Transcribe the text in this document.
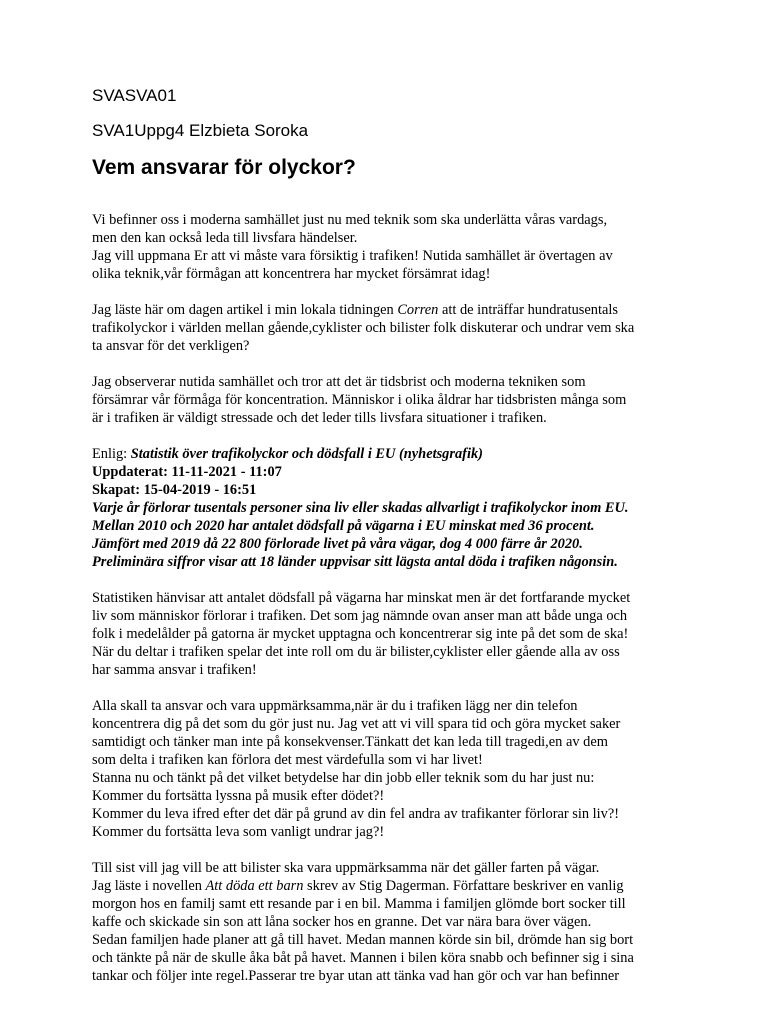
SVASVA01
SVA1Uppg4 Elzbieta Soroka
Vem ansvarar för olyckor?

Vi befinner oss i moderna samhället just nu med teknik som ska underlätta våras vardags,
men den kan också leda till livsfara händelser.
Jag vill uppmana Er att vi måste vara försiktig i trafiken! Nutida samhället är övertagen av
olika teknik,vår förmågan att koncentrera har mycket försämrat idag!

Jag läste här om dagen artikel i min lokala tidningen Corren att de inträffar hundratusentals
trafikolyckor i världen mellan gående,cyklister och bilister folk diskuterar och undrar vem ska
ta ansvar för det verkligen?

Jag observerar nutida samhället och tror att det är tidsbrist och moderna tekniken som
försämrar vår förmåga för koncentration. Människor i olika åldrar har tidsbristen många som
är i trafiken är väldigt stressade och det leder tills livsfara situationer i trafiken.

Enlig: Statistik över trafikolyckor och dödsfall i EU (nyhetsgrafik)
Uppdaterat: 11-11-2021 - 11:07
Skapat: 15-04-2019 - 16:51
Varje år förlorar tusentals personer sina liv eller skadas allvarligt i trafikolyckor inom EU.
Mellan 2010 och 2020 har antalet dödsfall på vägarna i EU minskat med 36 procent.
Jämfört med 2019 då 22 800 förlorade livet på våra vägar, dog 4 000 färre år 2020.
Preliminära siffror visar att 18 länder uppvisar sitt lägsta antal döda i trafiken någonsin.

Statistiken hänvisar att antalet dödsfall på vägarna har minskat men är det fortfarande mycket
liv som människor förlorar i trafiken. Det som jag nämnde ovan anser man att både unga och
folk i medelålder på gatorna är mycket upptagna och koncentrerar sig inte på det som de ska!
När du deltar i trafiken spelar det inte roll om du är bilister,cyklister eller gående alla av oss
har samma ansvar i trafiken!

Alla skall ta ansvar och vara uppmärksamma,när är du i trafiken lägg ner din telefon
koncentrera dig på det som du gör just nu. Jag vet att vi vill spara tid och göra mycket saker
samtidigt och tänker man inte på konsekvenser.Tänkatt det kan leda till tragedi,en av dem
som delta i trafiken kan förlora det mest värdefulla som vi har livet!
Stanna nu och tänkt på det vilket betydelse har din jobb eller teknik som du har just nu:
Kommer du fortsätta lyssna på musik efter dödet?!
Kommer du leva ifred efter det där på grund av din fel andra av trafikanter förlorar sin liv?!
Kommer du fortsätta leva som vanligt undrar jag?!

Till sist vill jag vill be att bilister ska vara uppmärksamma när det gäller farten på vägar.
Jag läste i novellen Att döda ett barn skrev av Stig Dagerman. Författare beskriver en vanlig
morgon hos en familj samt ett resande par i en bil. Mamma i familjen glömde bort socker till
kaffe och skickade sin son att låna socker hos en granne. Det var nära bara över vägen.
Sedan familjen hade planer att gå till havet. Medan mannen körde sin bil, drömde han sig bort
och tänkte på när de skulle åka båt på havet. Mannen i bilen köra snabb och befinner sig i sina
tankar och följer inte regel.Passerar tre byar utan att tänka vad han gör och var han befinner
